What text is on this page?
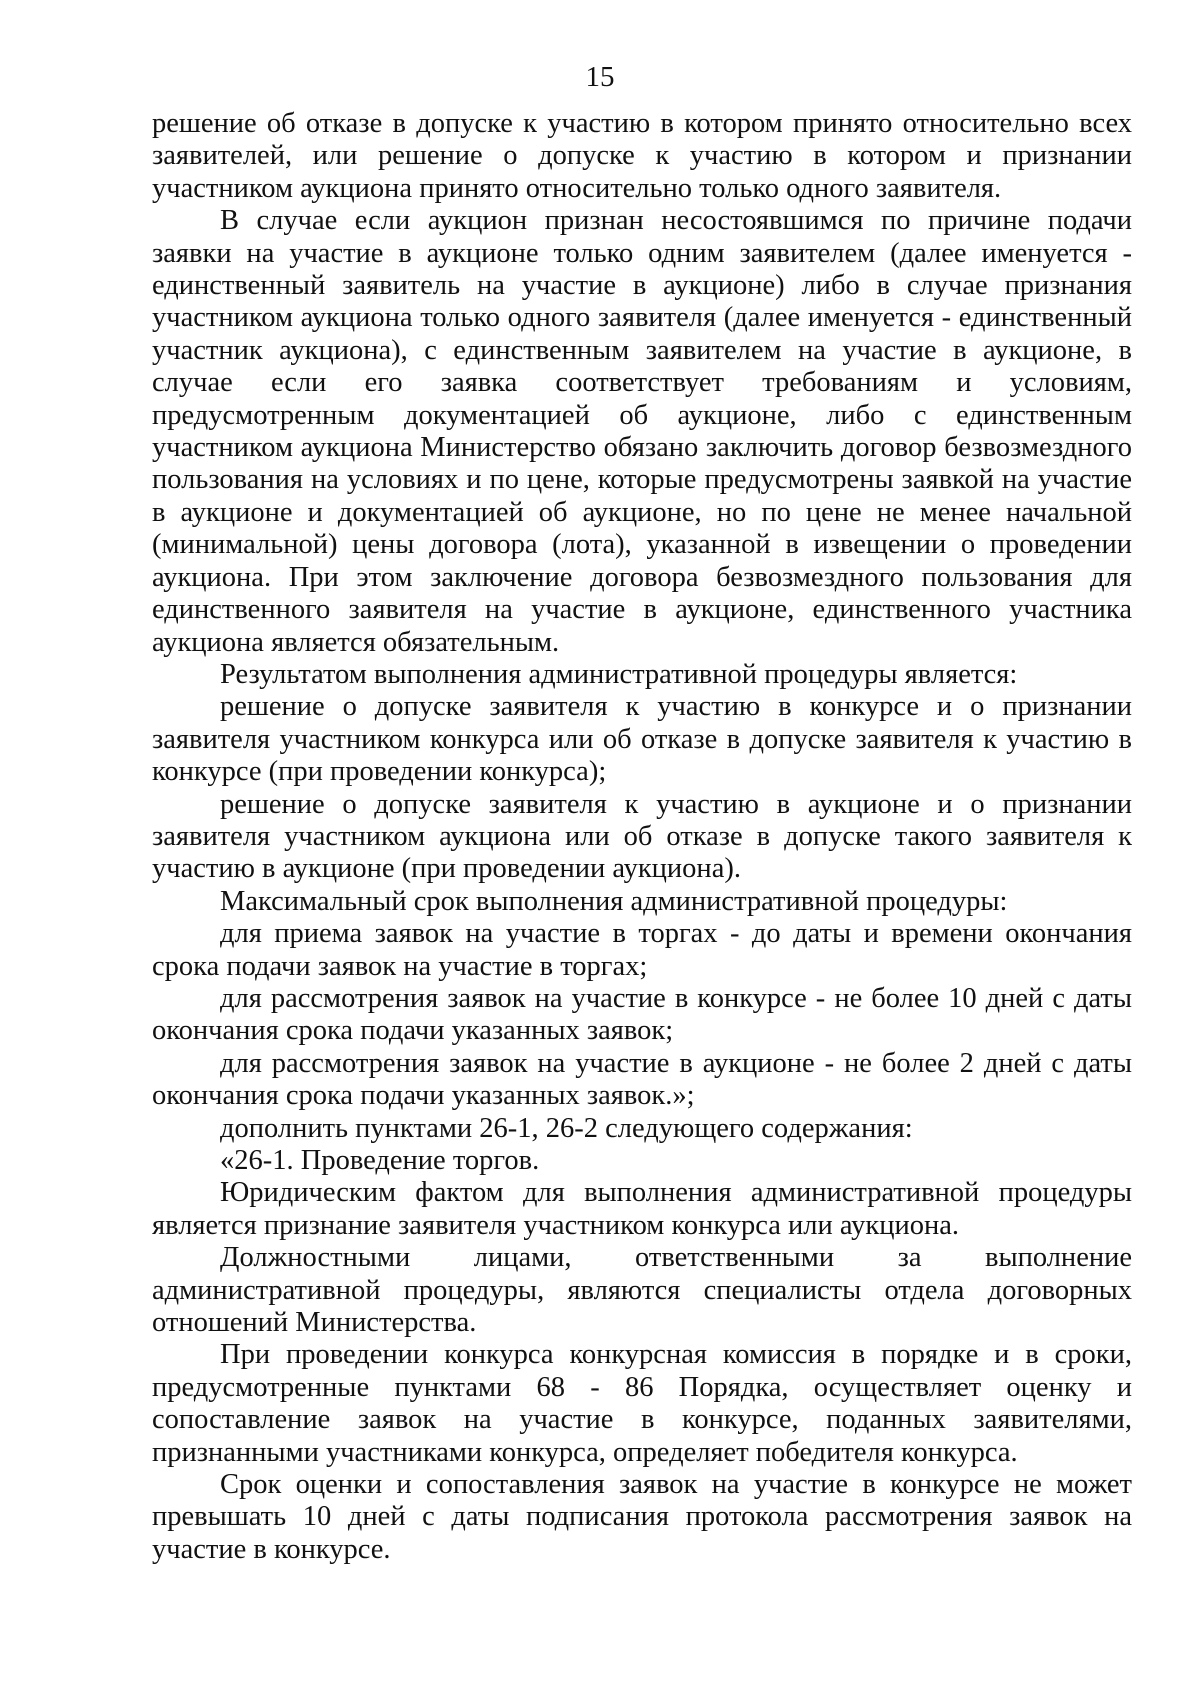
15

решение об отказе в допуске к участию в котором принято относительно всех заявителей, или решение о допуске к участию в котором и признании участником аукциона принято относительно только одного заявителя.

В случае если аукцион признан несостоявшимся по причине подачи заявки на участие в аукционе только одним заявителем (далее именуется - единственный заявитель на участие в аукционе) либо в случае признания участником аукциона только одного заявителя (далее именуется - единственный участник аукциона), с единственным заявителем на участие в аукционе, в случае если его заявка соответствует требованиям и условиям, предусмотренным документацией об аукционе, либо с единственным участником аукциона Министерство обязано заключить договор безвозмездного пользования на условиях и по цене, которые предусмотрены заявкой на участие в аукционе и документацией об аукционе, но по цене не менее начальной (минимальной) цены договора (лота), указанной в извещении о проведении аукциона. При этом заключение договора безвозмездного пользования для единственного заявителя на участие в аукционе, единственного участника аукциона является обязательным.

Результатом выполнения административной процедуры является:

решение о допуске заявителя к участию в конкурсе и о признании заявителя участником конкурса или об отказе в допуске заявителя к участию в конкурсе (при проведении конкурса);

решение о допуске заявителя к участию в аукционе и о признании заявителя участником аукциона или об отказе в допуске такого заявителя к участию в аукционе (при проведении аукциона).

Максимальный срок выполнения административной процедуры:

для приема заявок на участие в торгах - до даты и времени окончания срока подачи заявок на участие в торгах;

для рассмотрения заявок на участие в конкурсе - не более 10 дней с даты окончания срока подачи указанных заявок;

для рассмотрения заявок на участие в аукционе - не более 2 дней с даты окончания срока подачи указанных заявок.»;

дополнить пунктами 26-1, 26-2 следующего содержания:

«26-1. Проведение торгов.

Юридическим фактом для выполнения административной процедуры является признание заявителя участником конкурса или аукциона.

Должностными лицами, ответственными за выполнение административной процедуры, являются специалисты отдела договорных отношений Министерства.

При проведении конкурса конкурсная комиссия в порядке и в сроки, предусмотренные пунктами 68 - 86 Порядка, осуществляет оценку и сопоставление заявок на участие в конкурсе, поданных заявителями, признанными участниками конкурса, определяет победителя конкурса.

Срок оценки и сопоставления заявок на участие в конкурсе не может превышать 10 дней с даты подписания протокола рассмотрения заявок на участие в конкурсе.
